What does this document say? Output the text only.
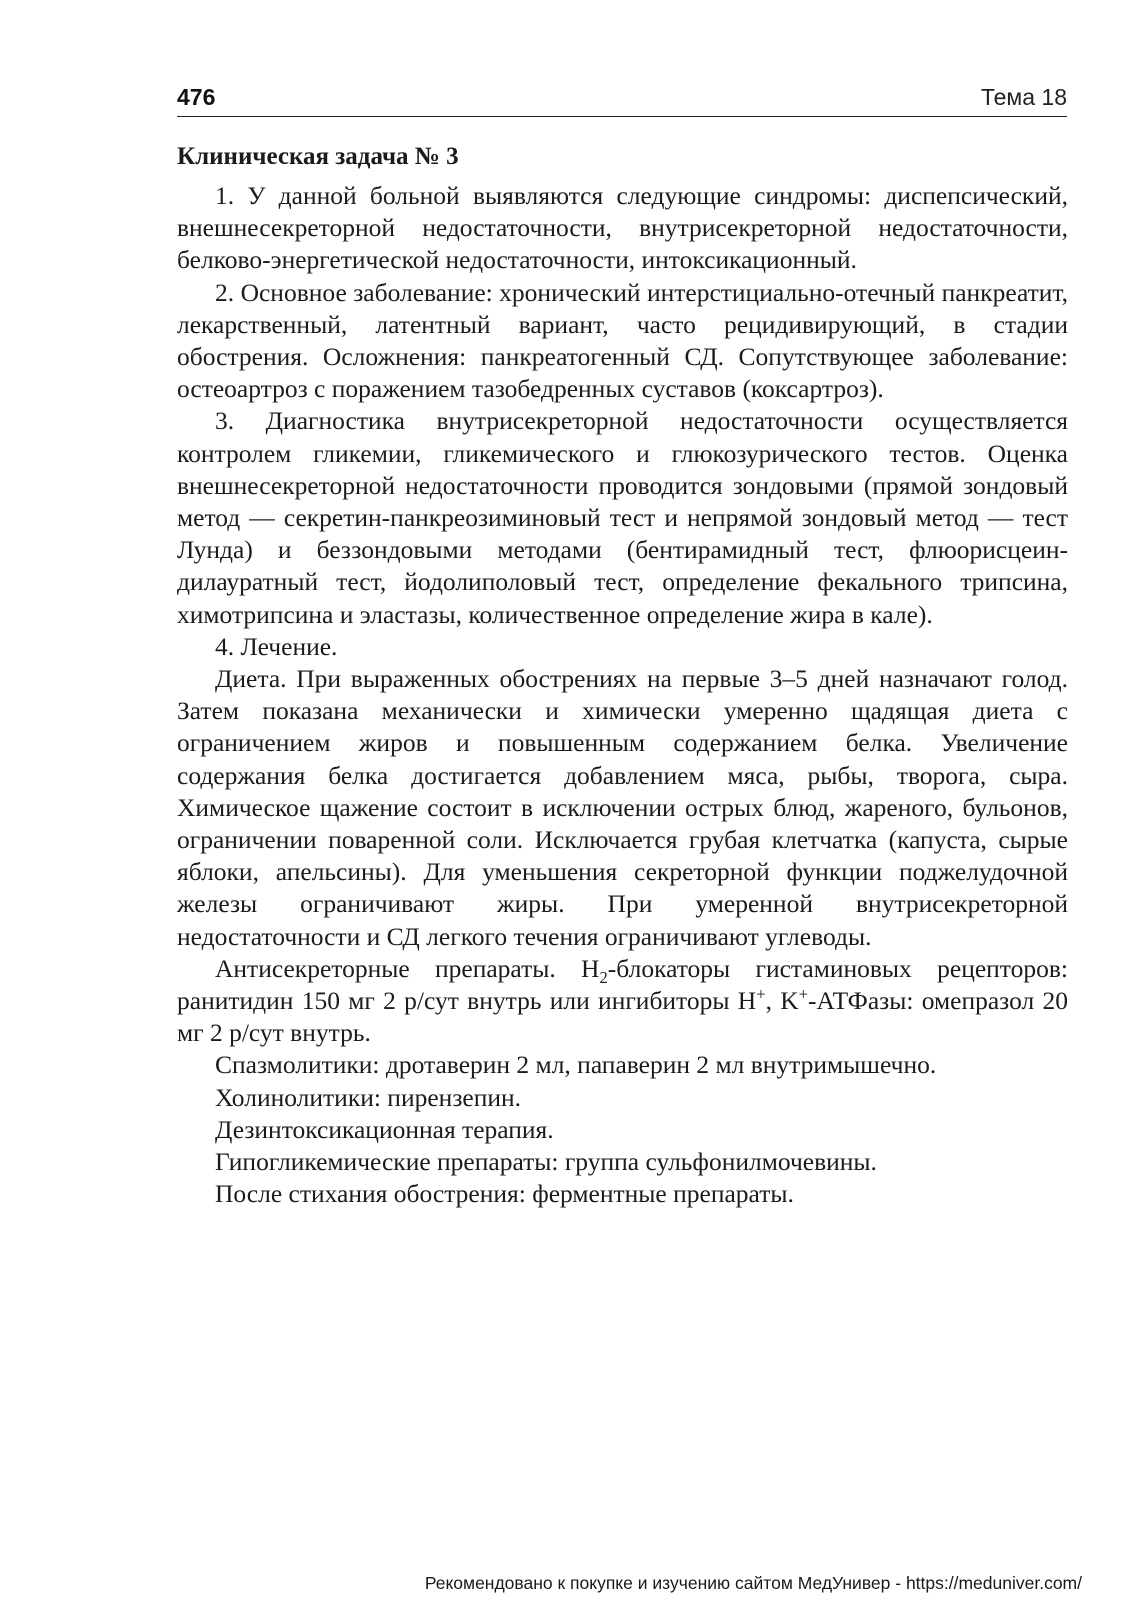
476	Тема 18
Клиническая задача № 3

1. У данной больной выявляются следующие синдромы: диспепсический, внешнесекреторной недостаточности, внутрисекреторной недостаточности, белково-энергетической недостаточности, интоксикационный.

2. Основное заболевание: хронический интерстициально-отечный панкреатит, лекарственный, латентный вариант, часто рецидивирующий, в стадии обострения. Осложнения: панкреатогенный СД. Сопутствующее заболевание: остеоартроз с поражением тазобедренных суставов (коксартроз).

3. Диагностика внутрисекреторной недостаточности осуществляется контролем гликемии, гликемического и глюкозурического тестов. Оценка внешнесекреторной недостаточности проводится зондовыми (прямой зондовый метод — секретин-панкреозиминовый тест и непрямой зондовый метод — тест Лунда) и беззондовыми методами (бентирамидный тест, флюорисцеин-дилауратный тест, йодолиполовый тест, определение фекального трипсина, химотрипсина и эластазы, количественное определение жира в кале).

4. Лечение.

Диета. При выраженных обострениях на первые 3–5 дней назначают голод. Затем показана механически и химически умеренно щадящая диета с ограничением жиров и повышенным содержанием белка. Увеличение содержания белка достигается добавлением мяса, рыбы, творога, сыра. Химическое щажение состоит в исключении острых блюд, жареного, бульонов, ограничении поваренной соли. Исключается грубая клетчатка (капуста, сырые яблоки, апельсины). Для уменьшения секреторной функции поджелудочной железы ограничивают жиры. При умеренной внутрисекреторной недостаточности и СД легкого течения ограничивают углеводы.

Антисекреторные препараты. $H_2$-блокаторы гистаминовых рецепторов: ранитидин 150 мг 2 р/сут внутрь или ингибиторы H+, K+-АТФазы: омепразол 20 мг 2 р/сут внутрь.

Спазмолитики: дротаверин 2 мл, папаверин 2 мл внутримышечно.

Холинолитики: пирензепин.

Дезинтоксикационная терапия.

Гипогликемические препараты: группа сульфонилмочевины.

После стихания обострения: ферментные препараты.

Рекомендовано к покупке и изучению сайтом МедУнивер - https://meduniver.com/
